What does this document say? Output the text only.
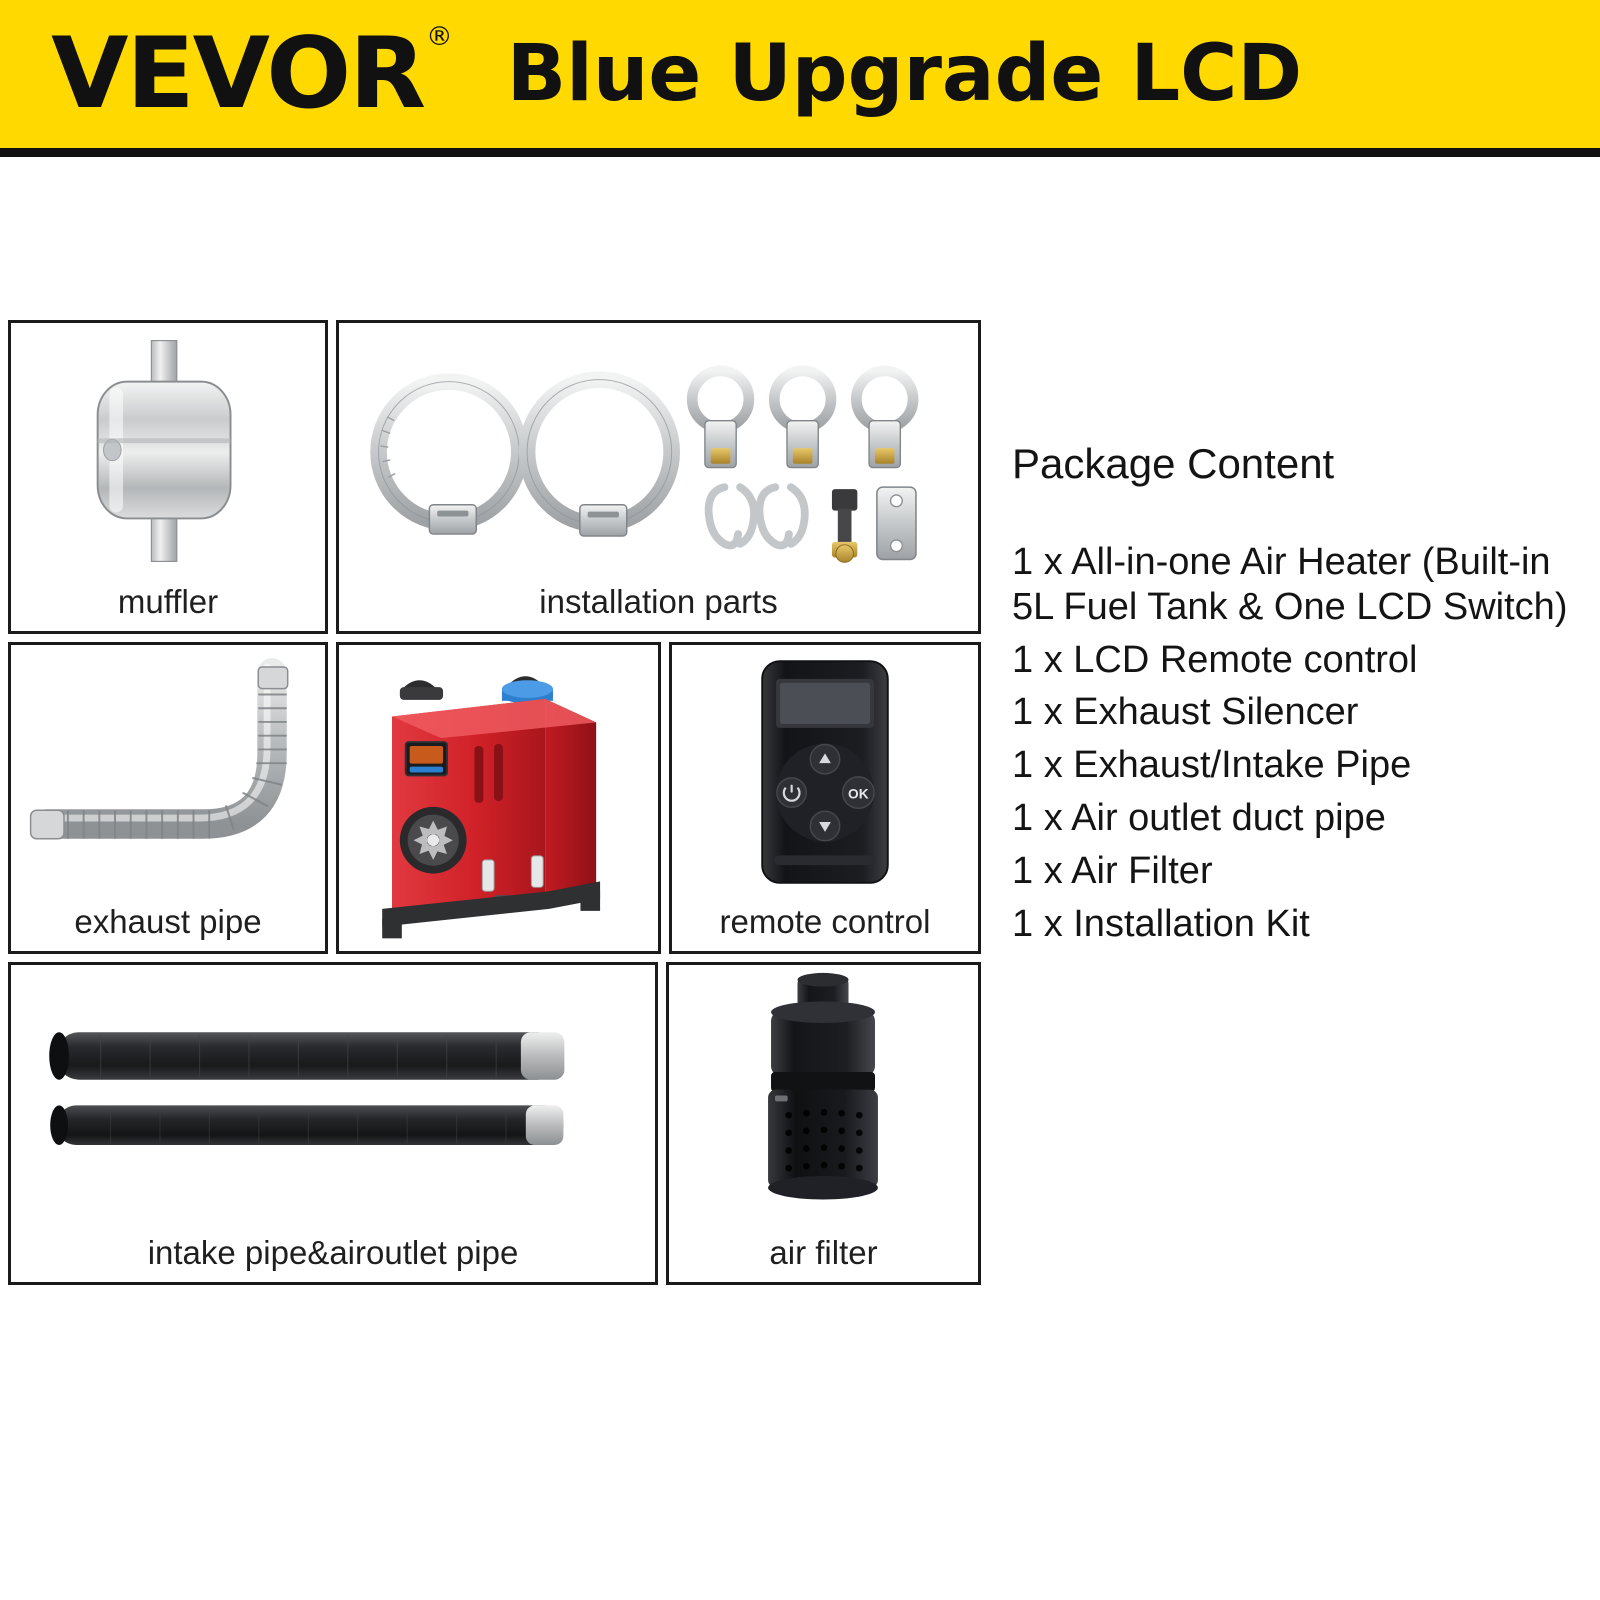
VEVOR® Blue Upgrade LCD
muffler	installation parts
exhaust pipe
OK
remote control
intake pipe&airoutlet pipe	air filter
Package Content
1 x All-in-one Air Heater (Built-in 5L Fuel Tank & One LCD Switch)
1 x LCD Remote control
1 x Exhaust Silencer
1 x Exhaust/Intake Pipe
1 x Air outlet duct pipe
1 x Air Filter
1 x Installation Kit
